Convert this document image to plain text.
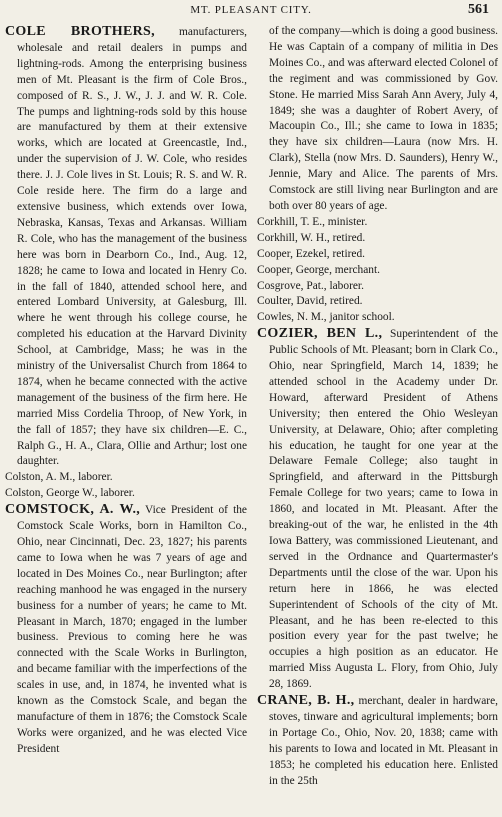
MT. PLEASANT CITY.	561

COLE BROTHERS, manufacturers, wholesale and retail dealers in pumps and lightning-rods. Among the enterprising business men of Mt. Pleasant is the firm of Cole Bros., composed of R. S., J. W., J. J. and W. R. Cole. The pumps and lightning-rods sold by this house are manufactured by them at their extensive works, which are located at Greencastle, Ind., under the supervision of J. W. Cole, who resides there. J. J. Cole lives in St. Louis; R. S. and W. R. Cole reside here. The firm do a large and extensive business, which extends over Iowa, Nebraska, Kansas, Texas and Arkansas. William R. Cole, who has the management of the business here was born in Dearborn Co., Ind., Aug. 12, 1828; he came to Iowa and located in Henry Co. in the fall of 1840, attended school here, and entered Lombard University, at Galesburg, Ill. where he went through his college course, he completed his education at the Harvard Divinity School, at Cambridge, Mass; he was in the ministry of the Universalist Church from 1864 to 1874, when he became connected with the active management of the business of the firm here. He married Miss Cordelia Throop, of New York, in the fall of 1857; they have six children—E. C., Ralph G., H. A., Clara, Ollie and Arthur; lost one daughter.

Colston, A. M., laborer.

Colston, George W., laborer.

COMSTOCK, A. W., Vice President of the Comstock Scale Works, born in Hamilton Co., Ohio, near Cincinnati, Dec. 23, 1827; his parents came to Iowa when he was 7 years of age and located in Des Moines Co., near Burlington; after reaching manhood he was engaged in the nursery business for a number of years; he came to Mt. Pleasant in March, 1870; engaged in the lumber business. Previous to coming here he was connected with the Scale Works in Burlington, and became familiar with the imperfections of the scales in use, and, in 1874, he invented what is known as the Comstock Scale, and began the manufacture of them in 1876; the Comstock Scale Works were organized, and he was elected Vice President

of the company—which is doing a good business. He was Captain of a company of militia in Des Moines Co., and was afterward elected Colonel of the regiment and was commissioned by Gov. Stone. He married Miss Sarah Ann Avery, July 4, 1849; she was a daughter of Robert Avery, of Macoupin Co., Ill.; she came to Iowa in 1835; they have six children—Laura (now Mrs. H. Clark), Stella (now Mrs. D. Saunders), Henry W., Jennie, Mary and Alice. The parents of Mrs. Comstock are still living near Burlington and are both over 80 years of age.

Corkhill, T. E., minister.

Corkhill, W. H., retired.

Cooper, Ezekel, retired.

Cooper, George, merchant.

Cosgrove, Pat., laborer.

Coulter, David, retired.

Cowles, N. M., janitor school.

COZIER, BEN L., Superintendent of the Public Schools of Mt. Pleasant; born in Clark Co., Ohio, near Springfield, March 14, 1839; he attended school in the Academy under Dr. Howard, afterward President of Athens University; then entered the Ohio Wesleyan University, at Delaware, Ohio; after completing his education, he taught for one year at the Delaware Female College; also taught in Springfield, and afterward in the Pittsburgh Female College for two years; came to Iowa in 1860, and located in Mt. Pleasant. After the breaking-out of the war, he enlisted in the 4th Iowa Battery, was commissioned Lieutenant, and served in the Ordnance and Quartermaster's Departments until the close of the war. Upon his return here in 1866, he was elected Superintendent of Schools of the city of Mt. Pleasant, and he has been re-elected to this position every year for the past twelve; he occupies a high position as an educator. He married Miss Augusta L. Flory, from Ohio, July 28, 1869.

CRANE, B. H., merchant, dealer in hardware, stoves, tinware and agricultural implements; born in Portage Co., Ohio, Nov. 20, 1838; came with his parents to Iowa and located in Mt. Pleasant in 1853; he completed his education here. Enlisted in the 25th
